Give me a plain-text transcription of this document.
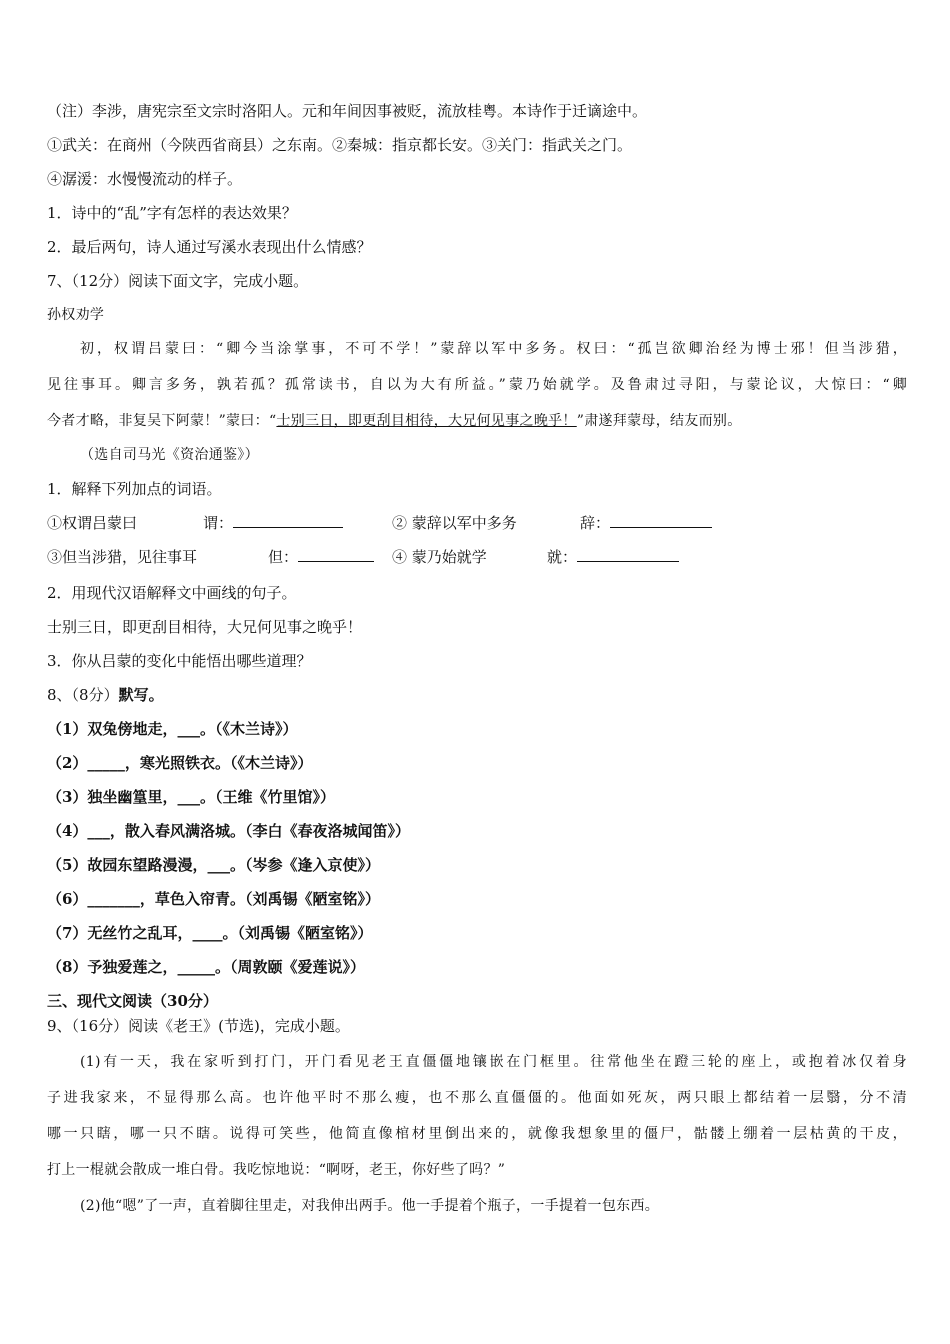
（注）李涉，唐宪宗至文宗时洛阳人。元和年间因事被贬，流放桂粤。本诗作于迁谪途中。
①武关：在商州（今陕西省商县）之东南。②秦城：指京都长安。③关门：指武关之门。
④潺湲：水慢慢流动的样子。
1．诗中的“乱”字有怎样的表达效果？
2．最后两句，诗人通过写溪水表现出什么情感？
7、（12分）阅读下面文字，完成小题。
孙权劝学
初，权谓吕蒙曰：“卿今当涂掌事，不可不学！”蒙辞以军中多务。权曰：“孤岂欲卿治经为博士邪！但当涉猎，
见往事耳。卿言多务，孰若孤？孤常读书，自以为大有所益。”蒙乃始就学。及鲁肃过寻阳，与蒙论议，大惊曰：“卿
今者才略，非复吴下阿蒙！”蒙曰：“士别三日，即更刮目相待，大兄何见事之晚乎！”肃遂拜蒙母，结友而别。
（选自司马光《资治通鉴》）
1．解释下列加点的词语。
①权谓吕蒙曰	谓：	② 蒙辞以军中多务	辞：
③但当涉猎，见往事耳	但：	④ 蒙乃始就学	就：
2．用现代汉语解释文中画线的句子。
士别三日，即更刮目相待，大兄何见事之晚乎！
3．你从吕蒙的变化中能悟出哪些道理？
8、（8分）默写。
（1）双兔傍地走，___。（《木兰诗》）
（2）_____，寒光照铁衣。（《木兰诗》）
（3）独坐幽篁里，___。（王维《竹里馆》）
（4）___，散入春风满洛城。（李白《春夜洛城闻笛》）
（5）故园东望路漫漫，___。（岑参《逢入京使》）
（6）_______，草色入帘青。（刘禹锡《陋室铭》）
（7）无丝竹之乱耳，____。（刘禹锡《陋室铭》）
（8）予独爱莲之，_____。（周敦颐《爱莲说》）
三、现代文阅读（30分）
9、（16分）阅读《老王》(节选)，完成小题。
(1)有一天，我在家听到打门，开门看见老王直僵僵地镶嵌在门框里。往常他坐在蹬三轮的座上，或抱着冰仅着身
子进我家来，不显得那么高。也许他平时不那么瘦，也不那么直僵僵的。他面如死灰，两只眼上都结着一层翳，分不清
哪一只瞎，哪一只不瞎。说得可笑些，他简直像棺材里倒出来的，就像我想象里的僵尸，骷髅上绷着一层枯黄的干皮，
打上一棍就会散成一堆白骨。我吃惊地说：“啊呀，老王，你好些了吗？”
(2)他“嗯”了一声，直着脚往里走，对我伸出两手。他一手提着个瓶子，一手提着一包东西。
